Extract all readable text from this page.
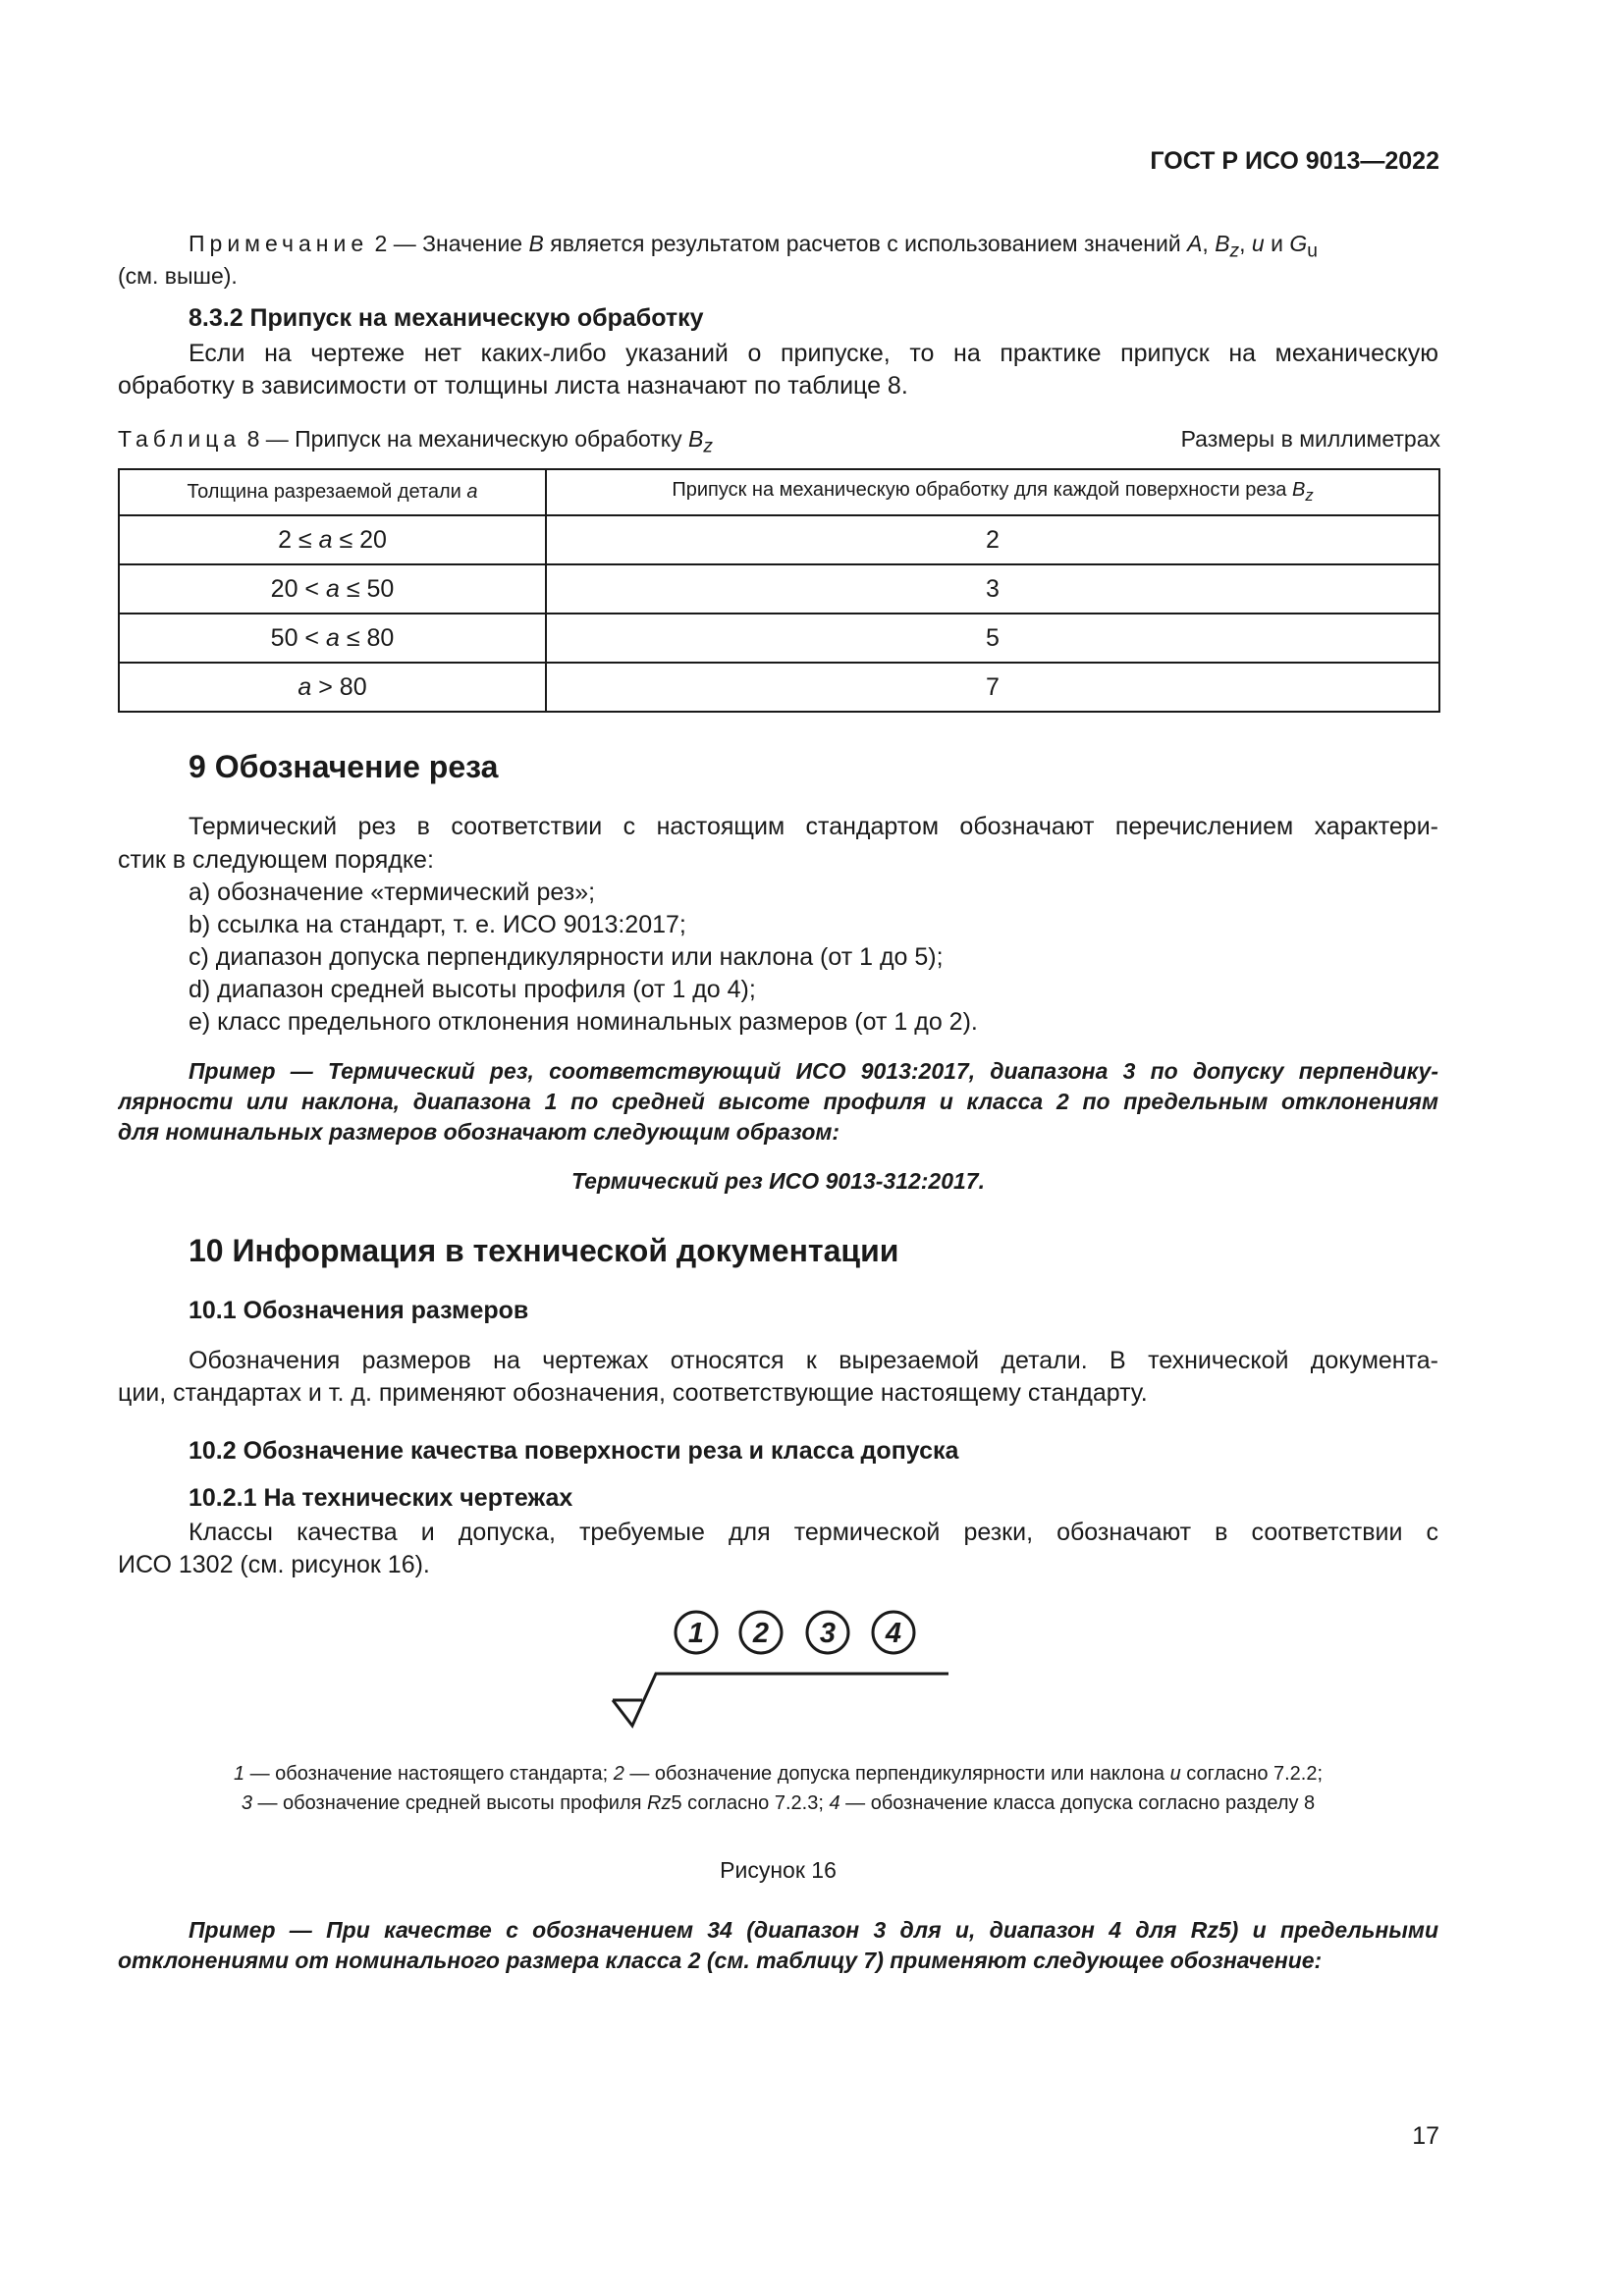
ГОСТ Р ИСО 9013—2022
Примечание 2 — Значение B является результатом расчетов с использованием значений A, $B_z$, u и $G_u$
(см. выше).
8.3.2 Припуск на механическую обработку
Если на чертеже нет каких-либо указаний о припуске, то на практике припуск на механическую
обработку в зависимости от толщины листа назначают по таблице 8.
Таблица 8 — Припуск на механическую обработку $B_z$	Размеры в миллиметрах
Толщина разрезаемой детали a	Припуск на механическую обработку для каждой поверхности реза $B_z$
2 ≤ a ≤ 20	2
20 < a ≤ 50	3
50 < a ≤ 80	5
a > 80	7
9 Обозначение реза
Термический рез в соответствии с настоящим стандартом обозначают перечислением характери-
стик в следующем порядке:
a) обозначение «термический рез»;
b) ссылка на стандарт, т. е. ИСО 9013:2017;
c) диапазон допуска перпендикулярности или наклона (от 1 до 5);
d) диапазон средней высоты профиля (от 1 до 4);
e) класс предельного отклонения номинальных размеров (от 1 до 2).
Пример — Термический рез, соответствующий ИСО 9013:2017, диапазона 3 по допуску перпендику-
лярности или наклона, диапазона 1 по средней высоте профиля и класса 2 по предельным отклонениям
для номинальных размеров обозначают следующим образом:
Термический рез ИСО 9013-312:2017.
10 Информация в технической документации
10.1 Обозначения размеров
Обозначения размеров на чертежах относятся к вырезаемой детали. В технической документа-
ции, стандартах и т. д. применяют обозначения, соответствующие настоящему стандарту.
10.2 Обозначение качества поверхности реза и класса допуска
10.2.1 На технических чертежах
Классы качества и допуска, требуемые для термической резки, обозначают в соответствии с
ИСО 1302 (см. рисунок 16).
1 2 3 4
1 — обозначение настоящего стандарта; 2 — обозначение допуска перпендикулярности или наклона u согласно 7.2.2;
3 — обозначение средней высоты профиля Rz5 согласно 7.2.3; 4 — обозначение класса допуска согласно разделу 8
Рисунок 16
Пример — При качестве с обозначением 34 (диапазон 3 для u, диапазон 4 для Rz5) и предельными
отклонениями от номинального размера класса 2 (см. таблицу 7) применяют следующее обозначение:
17
